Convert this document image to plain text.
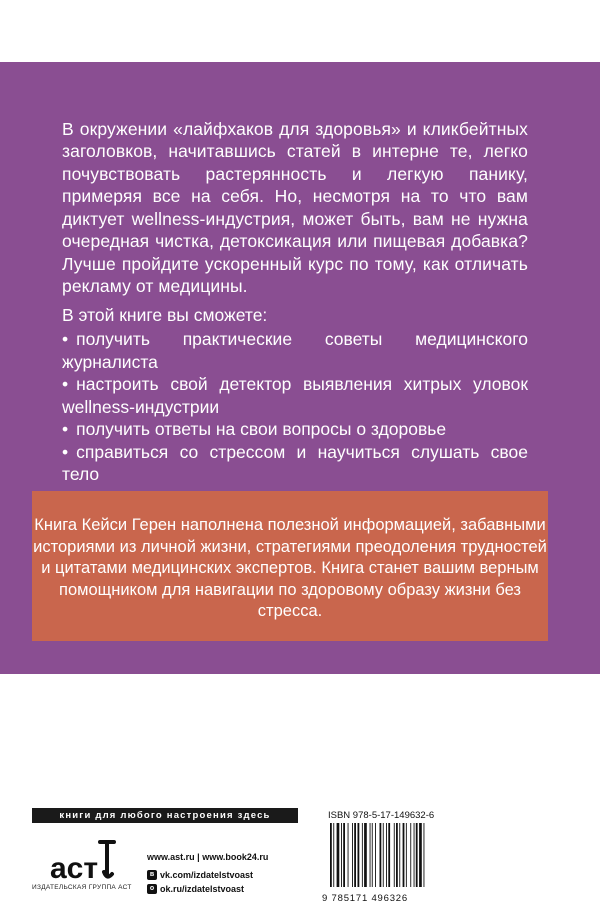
В окружении «лайфхаков для здоровья» и кликбейтных заголовков, начитавшись статей в интерне те, легко почувствовать растерянность и легкую панику, примеряя все на себя. Но, несмотря на то что вам диктует wellness-индустрия, может быть, вам не нужна очередная чистка, детоксикация или пищевая добавка? Лучше пройдите ускоренный курс по тому, как отличать рекламу от медицины.

В этой книге вы сможете:
• получить практические советы медицинского журналиста
• настроить свой детектор выявления хитрых уловок wellness-индустрии
• получить ответы на свои вопросы о здоровье
• справиться со стрессом и научиться слушать свое тело

Книга Кейси Герен наполнена полезной информацией, забавными историями из личной жизни, стратегиями преодоления трудностей и цитатами медицинских экспертов. Книга станет вашим верным помощником для навигации по здоровому образу жизни без стресса.

книги для любого настроения здесь
аст
ИЗДАТЕЛЬСКАЯ ГРУППА АСТ
www.ast.ru | www.book24.ru
в vk.com/izdatelstvoast
о ok.ru/izdatelstvoast
ISBN 978-5-17-149632-6
9 785171 496326
